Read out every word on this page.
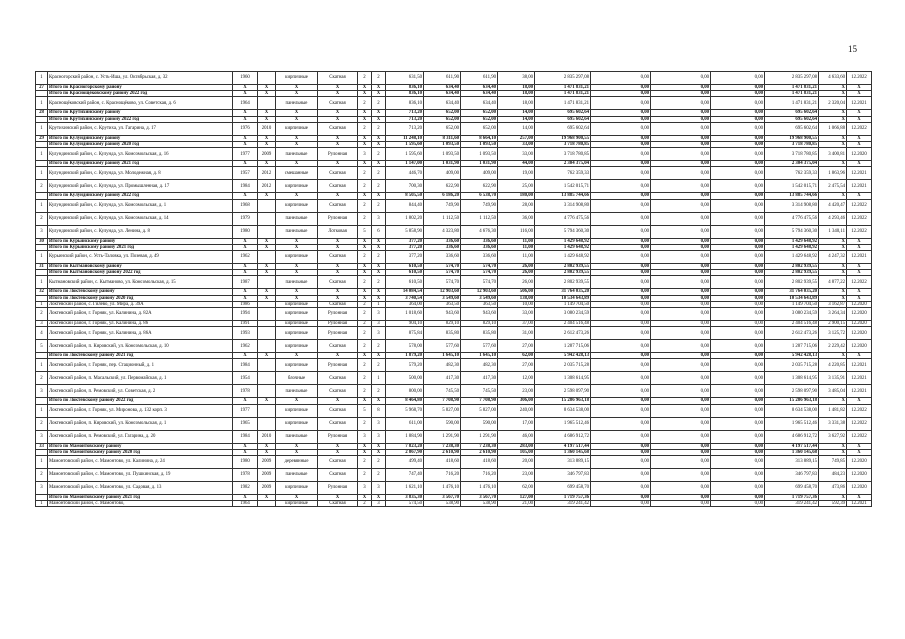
15
1	Красногорский район, с. Усть-Иша, ул. Октябрьская, д. 32	1960		кирпичные	Скатная	2	2	631,50	611,90	611,90	38,00	2 835 297,08	0,00	0,00	0,00	2 835 297,08	4 633,60	12.2022
27	Итого по Красногорскому району	X	X	X	X	X	X	836,10	634,40	634,40	18,00	1 471 831,21	0,00	0,00	0,00	1 471 831,21	X	X
	Итого по Краснощёковскому району 2022 год	X	X	X	X	X	X	836,10	634,40	634,40	18,00	1 471 831,21	0,00	0,00	0,00	1 471 831,21	X	X
1	Краснощёковский район, с. Краснощёково, ул. Советская, д. 6	1964		панельные	Скатная	2	2	836,10	634,40	634,40	18,00	1 471 831,21	0,00	0,00	0,00	1 471 831,21	2 320,04	12.2021
28	Итого по Крутихинскому району	X	X	X	X	X	X	713,20	652,00	652,00	14,00	695 602,64	0,00	0,00	0,00	695 602,64	X	X
	Итого по Крутихинскому району 2022 год	X	X	X	X	X	X	713,20	652,00	652,00	14,00	695 602,64	0,00	0,00	0,00	695 602,64	X	X
1	Крутихинский район, с. Крутиха, ул. Гагарина, д. 17	1976	2010	кирпичные	Скатная	2	2	713,20	652,00	652,00	14,00	695 602,64	0,00	0,00	0,00	695 602,64	1 066,88	12.2022
29	Итого по Кулундинскому району	X	X	X	X	X	X	11 248,10	8 311,60	8 664,10	257,00	19 968 900,55	0,00	0,00	0,00	19 968 900,55	X	X
	Итого по Кулундинскому району 2020 год	X	X	X	X	X	X	1 595,60	1 093,50	1 093,50	33,00	3 718 780,85	0,00	0,00	0,00	3 718 780,85	X	X
1	Кулундинский район, с. Кулунда, ул. Комсомольская, д. 16	1977	2009	панельные	Рулонная	3	2	1 595,60	1 093,50	1 093,50	33,00	3 718 780,85	0,00	0,00	0,00	3 718 780,85	3 400,81	12.2020
	Итого по Кулундинскому району 2021 год	X	X	X	X	X	X	1 147,00	1 031,90	1 031,90	44,00	2 304 375,04	0,00	0,00	0,00	2 304 375,04	X	X
1	Кулундинский район, с. Кулунда, ул. Молодежная, д. 8	1957	2012	смешанные	Скатная	2	2	446,70	409,00	409,00	19,00	762 359,33	0,00	0,00	0,00	762 359,33	1 863,96	12.2021
2	Кулундинский район, с. Кулунда, ул. Промышленная, д. 17	1984	2012	кирпичные	Скатная	2	2	700,30	622,90	622,90	25,00	1 542 015,71	0,00	0,00	0,00	1 542 015,71	2 475,54	12.2021
	Итого по Кулундинскому району 2022 год	X	X	X	X	X	X	8 505,50	6 186,20	6 538,70	180,00	13 885 744,66	0,00	0,00	0,00	13 885 744,66	X	X
1	Кулундинский район, с. Кулунда, ул. Комсомольская, д. 1	1968		кирпичные	Скатная	2	2	844,40	749,90	749,90	28,00	3 314 908,80	0,00	0,00	0,00	3 314 908,80	4 420,47	12.2022
2	Кулундинский район, с. Кулунда, ул. Комсомольская, д. 14	1979		панельные	Рулонная	2	3	1 802,20	1 112,50	1 112,50	36,00	4 776 475,56	0,00	0,00	0,00	4 776 475,56	4 293,46	12.2022
3	Кулундинский район, с. Кулунда, ул. Ленина, д. 8	1980		панельные	Лотковая	5	6	5 858,90	4 323,80	4 676,30	116,00	5 794 360,30	0,00	0,00	0,00	5 794 360,30	1 340,11	12.2022
30	Итого по Курьинскому району	X	X	X	X	X	X	377,20	336,60	336,60	11,00	1 429 648,92	0,00	0,00	0,00	1 429 648,92	X	X
	Итого по Курьинскому району 2021 год	X	X	X	X	X	X	377,20	336,60	336,60	11,00	1 429 648,92	0,00	0,00	0,00	1 429 648,92	X	X
1	Курьинский район, с. Усть-Таловка, ул. Позевая, д. 49	1962		кирпичные	Скатная	2	2	377,20	336,60	336,60	11,00	1 429 648,92	0,00	0,00	0,00	1 429 648,92	4 247,32	12.2021
31	Итого по Кытмановскому району	X	X	X	X	X	X	610,50	574,70	574,70	26,00	2 802 939,55	0,00	0,00	0,00	2 802 939,55	X	X
	Итого по Кытмановскому району 2022 год	X	X	X	X	X	X	610,50	574,70	574,70	26,00	2 802 939,55	0,00	0,00	0,00	2 802 939,55	X	X
1	Кытмановский район, с. Кытманово, ул. Комсомольская, д. 15	1987		панельные	Скатная	2	2	610,50	574,70	574,70	26,00	2 802 939,55	0,00	0,00	0,00	2 802 939,55	4 877,22	12.2022
32	Итого по Локтевскому району	X	X	X	X	X	X	14 084,54	12 903,60	12 903,60	506,00	31 764 035,20	0,00	0,00	0,00	31 764 035,20	X	X
	Итого по Локтевскому району 2020 год	X	X	X	X	X	X	3 740,54	3 549,60	3 549,60	138,00	10 534 643,89	0,00	0,00	0,00	10 534 643,89	X	X
1	Локтевский район, с. Гилево, ул. Мира, д. 39А	1986		кирпичные	Скатная	2	1	364,00	363,50	363,50	10,00	1 149 704,50	0,00	0,00	0,00	1 149 704,50	3 162,87	12.2020
2	Локтевский район, г. Горняк, ул. Калинина, д. 82А	1994		кирпичные	Рулонная	2	3	1 018,60	943,60	943,60	33,00	3 080 234,59	0,00	0,00	0,00	3 080 234,59	3 264,34	12.2020
3	Локтевский район, г. Горняк, ул. Калинина, д. 86	1991		кирпичные	Рулонная	2	3	904,10	829,10	829,10	37,00	2 404 516,48	0,00	0,00	0,00	2 404 516,48	2 900,15	12.2020
4	Локтевский район, г. Горняк, ул. Калинина, д. 86А	1993		кирпичные	Рулонная	2	3	875,84	835,80	835,80	31,00	2 612 473,26	0,00	0,00	0,00	2 612 473,26	3 125,72	12.2020
5	Локтевский район, п. Кировский, ул. Комсомольская, д. 10	1962		кирпичные	Скатная	2	2	578,00	577,60	577,60	27,00	1 287 715,06	0,00	0,00	0,00	1 287 715,06	2 229,42	12.2020
	Итого по Локтевскому району 2021 год	X	X	X	X	X	X	1 879,20	1 645,10	1 645,10	62,00	5 942 428,13	0,00	0,00	0,00	5 942 428,13	X	X
1	Локтевский район, г. Горняк, пер. Стационный, д. 1	1984		кирпичные	Рулонная	2	2	579,20	482,30	482,30	27,00	2 035 715,28	0,00	0,00	0,00	2 035 715,28	4 220,85	12.2021
2	Локтевский район, п. Масальский, ул. Первомайская, д. 1	1954		блочные	Скатная	2	1	500,00	417,30	417,30	12,00	1 308 614,95	0,00	0,00	0,00	1 308 614,95	3 135,91	12.2021
3	Локтевский район, п. Ремовский, ул. Советская, д. 2	1978		панельные	Скатная	2	2	800,00	745,50	745,50	23,00	2 598 097,90	0,00	0,00	0,00	2 598 097,90	3 485,04	12.2021
	Итого по Локтевскому району 2022 год	X	X	X	X	X	X	8 464,80	7 708,90	7 708,90	306,00	15 286 963,18	0,00	0,00	0,00	15 286 963,18	X	X
1	Локтевский район, г. Горняк, ул. Миронова, д. 132 корп. 3	1977		кирпичные	Скатная	5	8	5 968,70	5 827,00	5 827,00	240,00	8 634 538,00	0,00	0,00	0,00	8 634 538,00	1 481,82	12.2022
2	Локтевский район, п. Кировский, ул. Комсомольская, д. 1	1965		кирпичные	Скатная	2	3	611,00	590,00	590,00	17,00	1 965 512,46	0,00	0,00	0,00	1 965 512,46	3 331,38	12.2022
3	Локтевский район, п. Ремовский, ул. Гагарина, д. 20	1984	2010	панельные	Рулонная	3	3	1 884,90	1 291,90	1 291,90	46,00	4 686 912,72	0,00	0,00	0,00	4 686 912,72	3 627,92	12.2022
33	Итого по Мамонтовскому району	X	X	X	X	X	X	7 823,20	7 238,30	7 238,30	283,00	4 197 517,44	0,00	0,00	0,00	4 197 517,44	X	X
	Итого по Мамонтовскому району 2020 год	X	X	X	X	X	X	2 867,90	2 610,90	2 610,90	105,00	1 360 145,68	0,00	0,00	0,00	1 360 145,68	X	X
1	Мамонтовский район, с. Мамонтово, ул. Калинина, д. 24	1980	2009	деревянные	Скатная	2	2	499,40	418,60	418,60	20,00	313 889,15	0,00	0,00	0,00	313 889,15	749,85	12.2020
2	Мамонтовский район, с. Мамонтово, ул. Пушкинская, д. 19	1978	2009	панельные	Скатная	2	2	747,40	716,20	716,20	23,00	346 797,83	0,00	0,00	0,00	346 797,83	484,23	12.2020
3	Мамонтовский район, с. Мамонтово, ул. Садовая, д. 13	1982	2009	кирпичные	Рулонная	3	3	1 621,10	1 476,10	1 476,10	62,00	699 458,70	0,00	0,00	0,00	699 458,70	473,86	12.2020
	Итого по Мамонтовскому району 2021 год	X	X	X	X	X	X	3 835,30	3 567,70	3 567,70	127,00	1 719 757,36	0,00	0,00	0,00	1 719 757,36	X	X
1	Мамонтовский район, с. Мамонтово,	1964		кирпичные	Скатная	2	3	574,50	538,90	538,90	21,00	319 241,42	0,00	0,00	0,00	319 241,42	592,39	12.2021
